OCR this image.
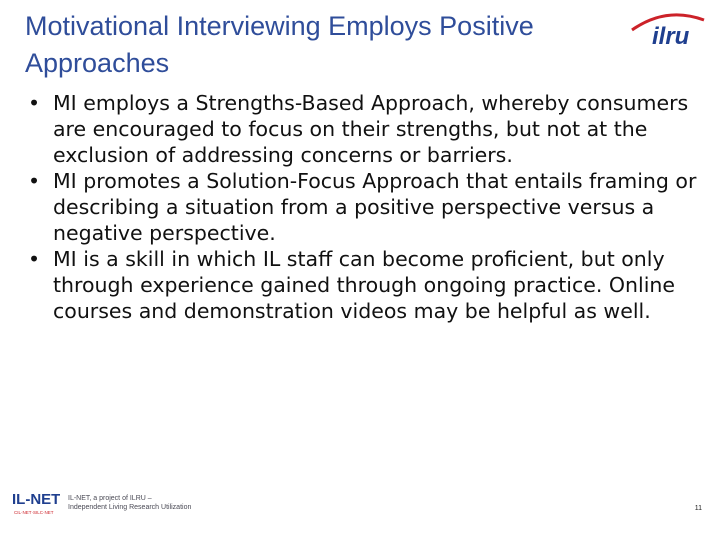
Motivational Interviewing Employs Positive Approaches
ilru
• MI employs a Strengths-Based Approach, whereby consumers are encouraged to focus on their strengths, but not at the exclusion of addressing concerns or barriers.
• MI promotes a Solution-Focus Approach that entails framing or describing a situation from a positive perspective versus a negative perspective.
• MI is a skill in which IL staff can become proficient, but only through experience gained through ongoing practice. Online courses and demonstration videos may be helpful as well.
IL-NET
CIL·NET·SILC·NET
IL-NET, a project of ILRU –
Independent Living Research Utilization	11
